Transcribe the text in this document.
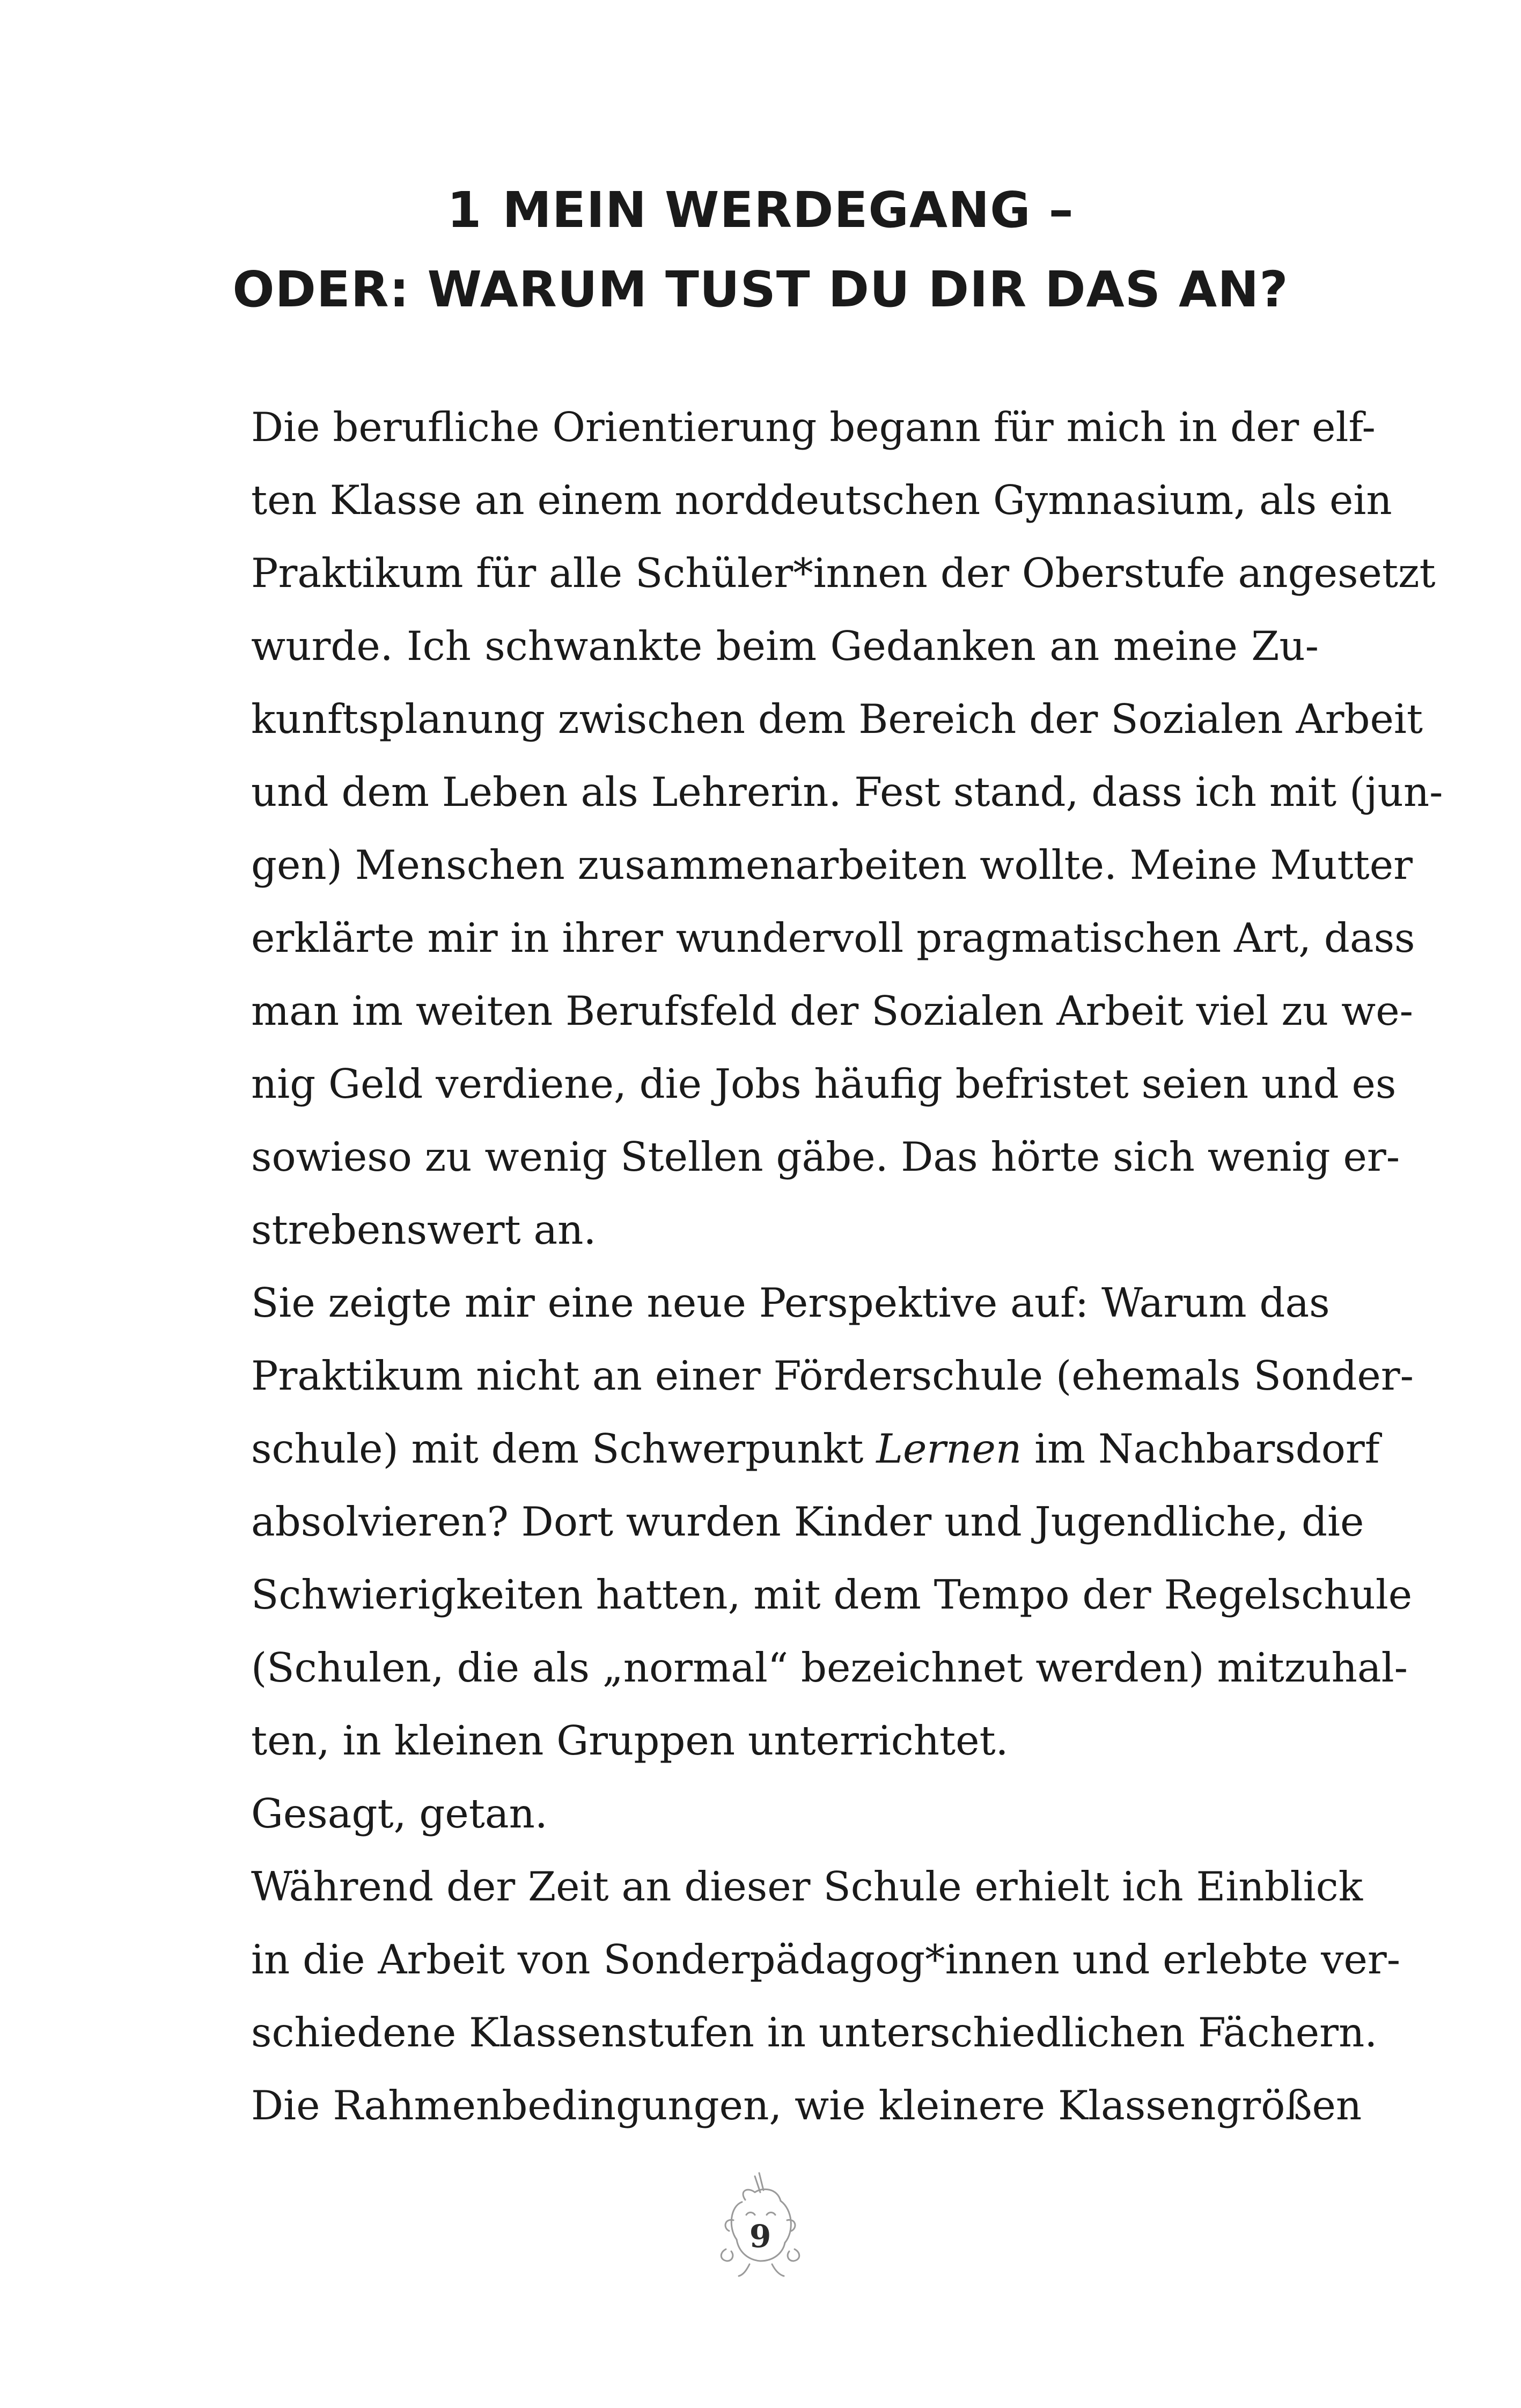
1 MEIN WERDEGANG –
ODER: WARUM TUST DU DIR DAS AN?
Die berufliche Orientierung begann für mich in der elf-
ten Klasse an einem norddeutschen Gymnasium, als ein
Praktikum für alle Schüler*innen der Oberstufe angesetzt
wurde. Ich schwankte beim Gedanken an meine Zu-
kunftsplanung zwischen dem Bereich der Sozialen Arbeit
und dem Leben als Lehrerin. Fest stand, dass ich mit (jun-
gen) Menschen zusammenarbeiten wollte. Meine Mutter
erklärte mir in ihrer wundervoll pragmatischen Art, dass
man im weiten Berufsfeld der Sozialen Arbeit viel zu we-
nig Geld verdiene, die Jobs häufig befristet seien und es
sowieso zu wenig Stellen gäbe. Das hörte sich wenig er-
strebenswert an.
Sie zeigte mir eine neue Perspektive auf: Warum das
Praktikum nicht an einer Förderschule (ehemals Sonder-
schule) mit dem Schwerpunkt Lernen im Nachbarsdorf
absolvieren? Dort wurden Kinder und Jugendliche, die
Schwierigkeiten hatten, mit dem Tempo der Regelschule
(Schulen, die als „normal“ bezeichnet werden) mitzuhal-
ten, in kleinen Gruppen unterrichtet.
Gesagt, getan.
Während der Zeit an dieser Schule erhielt ich Einblick
in die Arbeit von Sonderpädagog*innen und erlebte ver-
schiedene Klassenstufen in unterschiedlichen Fächern.
Die Rahmenbedingungen, wie kleinere Klassengrößen
9
